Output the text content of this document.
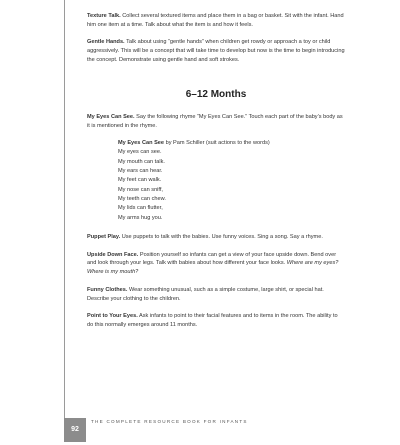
Texture Talk. Collect several textured items and place them in a bag or basket. Sit with the infant. Hand him one item at a time. Talk about what the item is and how it feels.

Gentle Hands. Talk about using “gentle hands” when children get rowdy or approach a toy or child aggressively. This will be a concept that will take time to develop but now is the time to begin introducing the concept. Demonstrate using gentle hand and soft strokes.

6–12 Months

My Eyes Can See. Say the following rhyme “My Eyes Can See.” Touch each part of the baby’s body as it is mentioned in the rhyme.

My Eyes Can See by Pam Schiller (suit actions to the words)
My eyes can see.
My mouth can talk.
My ears can hear.
My feet can walk.
My nose can sniff,
My teeth can chew.
My lids can flutter,
My arms hug you.

Puppet Play. Use puppets to talk with the babies. Use funny voices. Sing a song. Say a rhyme.

Upside Down Face. Position yourself so infants can get a view of your face upside down. Bend over and look through your legs. Talk with babies about how different your face looks. Where are my eyes? Where is my mouth?

Funny Clothes. Wear something unusual, such as a simple costume, large shirt, or special hat. Describe your clothing to the children.

Point to Your Eyes. Ask infants to point to their facial features and to items in the room. The ability to do this normally emerges around 11 months.

92
THE COMPLETE RESOURCE BOOK FOR INFANTS
